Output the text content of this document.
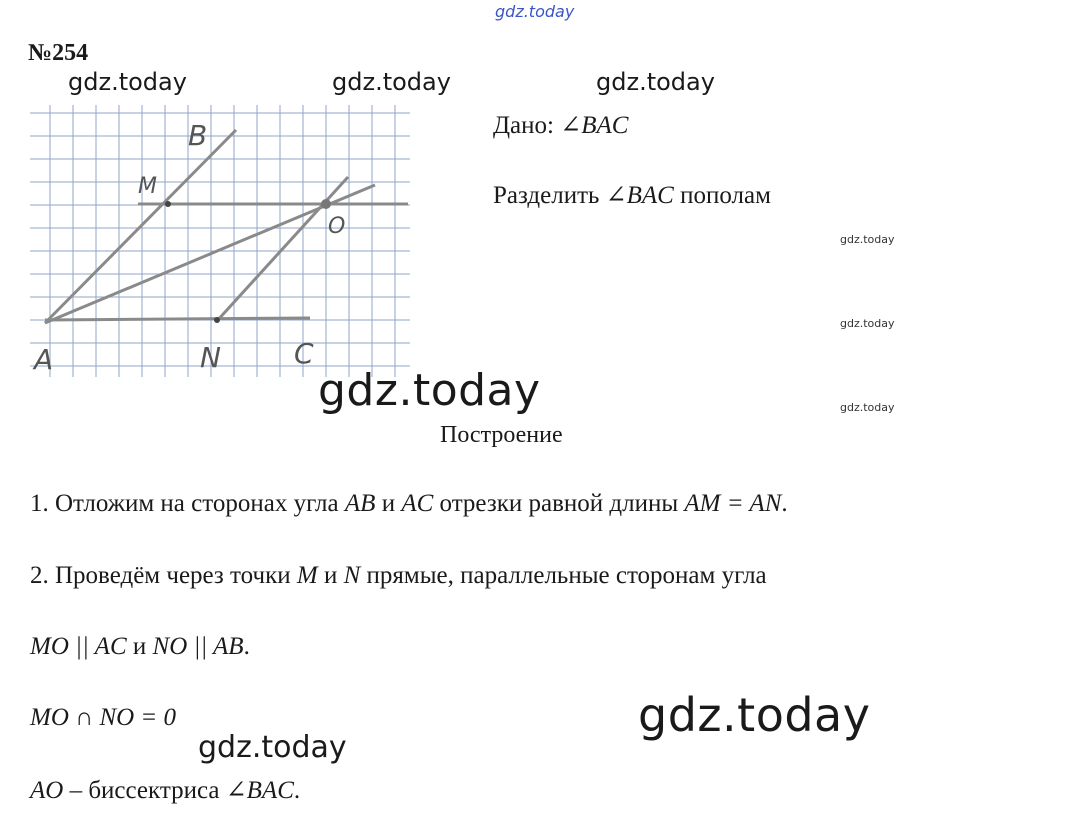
gdz.today
№254
gdz.today	gdz.today	gdz.today
B
M
O
A	N	C
Дано: ∠BAC
Разделить ∠BAC пополам
gdz.today
gdz.today
gdz.today
gdz.today
Построение
1. Отложим на сторонах угла AB и AC отрезки равной длины AM = AN.
2. Проведём через точки M и N прямые, параллельные сторонам угла
MO || AC и NO || AB.
MO ∩ NO = 0	gdz.today
gdz.today
AO – биссектриса ∠BAC.
